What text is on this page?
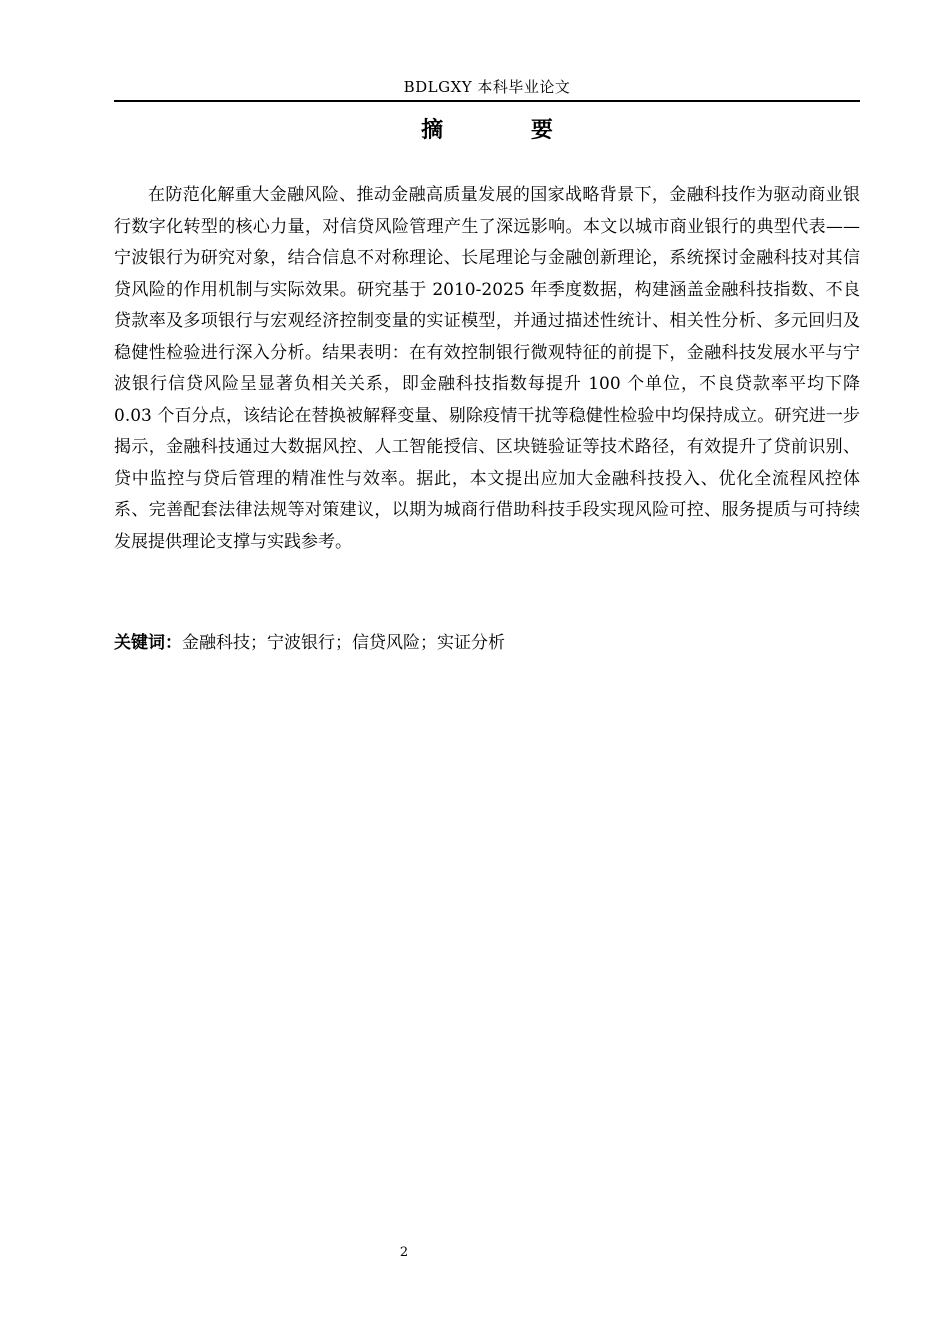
BDLGXY 本科毕业论文
摘 要

在防范化解重大金融风险、推动金融高质量发展的国家战略背景下，金融科技作为驱动商业银行数字化转型的核心力量，对信贷风险管理产生了深远影响。本文以城市商业银行的典型代表——宁波银行为研究对象，结合信息不对称理论、长尾理论与金融创新理论，系统探讨金融科技对其信贷风险的作用机制与实际效果。研究基于 2010-2025 年季度数据，构建涵盖金融科技指数、不良贷款率及多项银行与宏观经济控制变量的实证模型，并通过描述性统计、相关性分析、多元回归及稳健性检验进行深入分析。结果表明：在有效控制银行微观特征的前提下，金融科技发展水平与宁波银行信贷风险呈显著负相关关系，即金融科技指数每提升 100 个单位，不良贷款率平均下降 0.03 个百分点，该结论在替换被解释变量、剔除疫情干扰等稳健性检验中均保持成立。研究进一步揭示，金融科技通过大数据风控、人工智能授信、区块链验证等技术路径，有效提升了贷前识别、贷中监控与贷后管理的精准性与效率。据此，本文提出应加大金融科技投入、优化全流程风控体系、完善配套法律法规等对策建议，以期为城商行借助科技手段实现风险可控、服务提质与可持续发展提供理论支撑与实践参考。

关键词：金融科技；宁波银行；信贷风险；实证分析
2
